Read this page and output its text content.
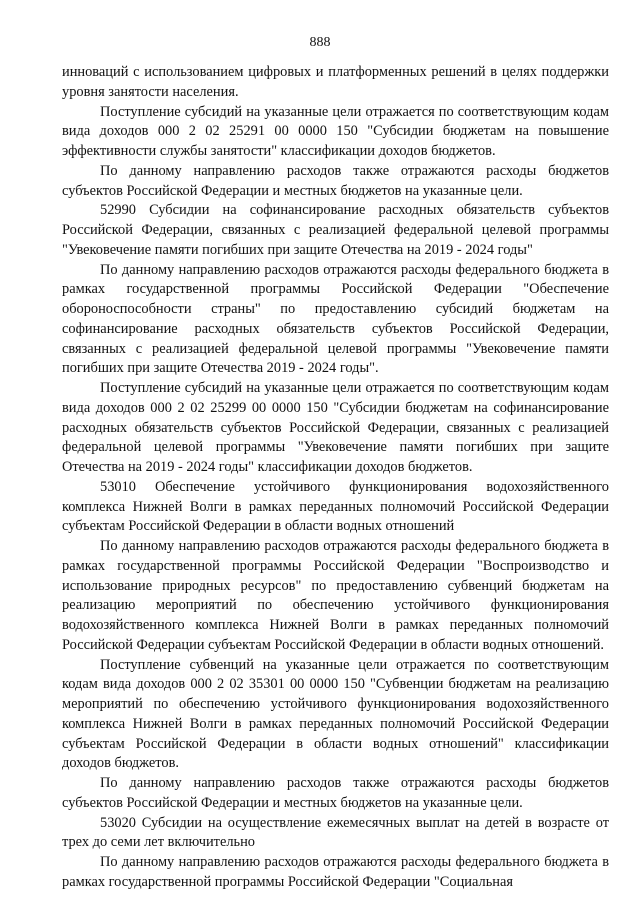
888

инноваций с использованием цифровых и платформенных решений в целях поддержки уровня занятости населения.

Поступление субсидий на указанные цели отражается по соответствующим кодам вида доходов 000 2 02 25291 00 0000 150 "Субсидии бюджетам на повышение эффективности службы занятости" классификации доходов бюджетов.

По данному направлению расходов также отражаются расходы бюджетов субъектов Российской Федерации и местных бюджетов на указанные цели.

52990 Субсидии на софинансирование расходных обязательств субъектов Российской Федерации, связанных с реализацией федеральной целевой программы "Увековечение памяти погибших при защите Отечества на 2019 - 2024 годы"

По данному направлению расходов отражаются расходы федерального бюджета в рамках государственной программы Российской Федерации "Обеспечение обороноспособности страны" по предоставлению субсидий бюджетам на софинансирование расходных обязательств субъектов Российской Федерации, связанных с реализацией федеральной целевой программы "Увековечение памяти погибших при защите Отечества 2019 - 2024 годы".

Поступление субсидий на указанные цели отражается по соответствующим кодам вида доходов 000 2 02 25299 00 0000 150 "Субсидии бюджетам на софинансирование расходных обязательств субъектов Российской Федерации, связанных с реализацией федеральной целевой программы "Увековечение памяти погибших при защите Отечества на 2019 - 2024 годы" классификации доходов бюджетов.

53010 Обеспечение устойчивого функционирования водохозяйственного комплекса Нижней Волги в рамках переданных полномочий Российской Федерации субъектам Российской Федерации в области водных отношений

По данному направлению расходов отражаются расходы федерального бюджета в рамках государственной программы Российской Федерации "Воспроизводство и использование природных ресурсов" по предоставлению субвенций бюджетам на реализацию мероприятий по обеспечению устойчивого функционирования водохозяйственного комплекса Нижней Волги в рамках переданных полномочий Российской Федерации субъектам Российской Федерации в области водных отношений.

Поступление субвенций на указанные цели отражается по соответствующим кодам вида доходов 000 2 02 35301 00 0000 150 "Субвенции бюджетам на реализацию мероприятий по обеспечению устойчивого функционирования водохозяйственного комплекса Нижней Волги в рамках переданных полномочий Российской Федерации субъектам Российской Федерации в области водных отношений" классификации доходов бюджетов.

По данному направлению расходов также отражаются расходы бюджетов субъектов Российской Федерации и местных бюджетов на указанные цели.

53020 Субсидии на осуществление ежемесячных выплат на детей в возрасте от трех до семи лет включительно

По данному направлению расходов отражаются расходы федерального бюджета в рамках государственной программы Российской Федерации "Социальная
